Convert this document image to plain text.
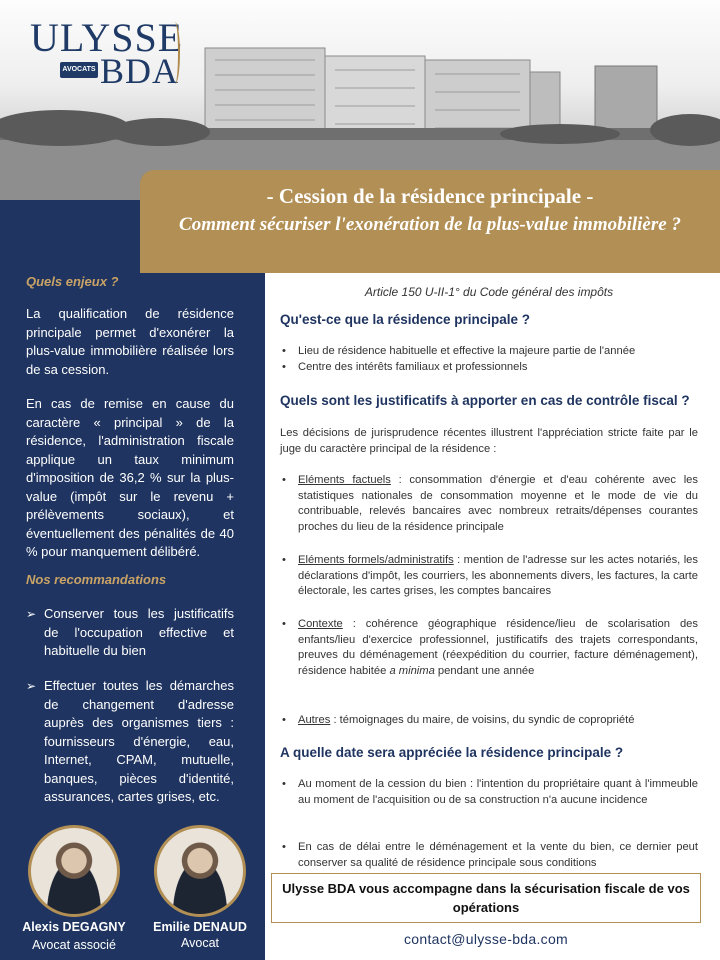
ULYSSE
AVOCATS BDA
Quels enjeux ?
La qualification de résidence principale permet d'exonérer la plus-value immobilière réalisée lors de sa cession.
En cas de remise en cause du caractère « principal » de la résidence, l'administration fiscale applique un taux minimum d'imposition de 36,2 % sur la plus-value (impôt sur le revenu + prélèvements sociaux), et éventuellement des pénalités de 40 % pour manquement délibéré.
Nos recommandations
➢ Conserver tous les justificatifs de l'occupation effective et habituelle du bien
➢ Effectuer toutes les démarches de changement d'adresse auprès des organismes tiers : fournisseurs d'énergie, eau, Internet, CPAM, mutuelle, banques, pièces d'identité, assurances, cartes grises, etc.
Alexis DEGAGNY
Avocat associé
Emilie DENAUD
Avocat
- Cession de la résidence principale -
Comment sécuriser l'exonération de la plus-value immobilière ?
Article 150 U-II-1° du Code général des impôts
Qu'est-ce que la résidence principale ?
• Lieu de résidence habituelle et effective la majeure partie de l'année
• Centre des intérêts familiaux et professionnels
Quels sont les justificatifs à apporter en cas de contrôle fiscal ?
Les décisions de jurisprudence récentes illustrent l'appréciation stricte faite par le juge du caractère principal de la résidence :
• Eléments factuels : consommation d'énergie et d'eau cohérente avec les statistiques nationales de consommation moyenne et le mode de vie du contribuable, relevés bancaires avec nombreux retraits/dépenses courantes proches du lieu de la résidence principale
• Eléments formels/administratifs : mention de l'adresse sur les actes notariés, les déclarations d'impôt, les courriers, les abonnements divers, les factures, la carte électorale, les cartes grises, les comptes bancaires
• Contexte : cohérence géographique résidence/lieu de scolarisation des enfants/lieu d'exercice professionnel, justificatifs des trajets correspondants, preuves du déménagement (réexpédition du courrier, facture déménagement), résidence habitée a minima pendant une année
• Autres : témoignages du maire, de voisins, du syndic de copropriété
A quelle date sera appréciée la résidence principale ?
• Au moment de la cession du bien : l'intention du propriétaire quant à l'immeuble au moment de l'acquisition ou de sa construction n'a aucune incidence
• En cas de délai entre le déménagement et la vente du bien, ce dernier peut conserver sa qualité de résidence principale sous conditions
Ulysse BDA vous accompagne dans la sécurisation fiscale de vos opérations
contact@ulysse-bda.com
